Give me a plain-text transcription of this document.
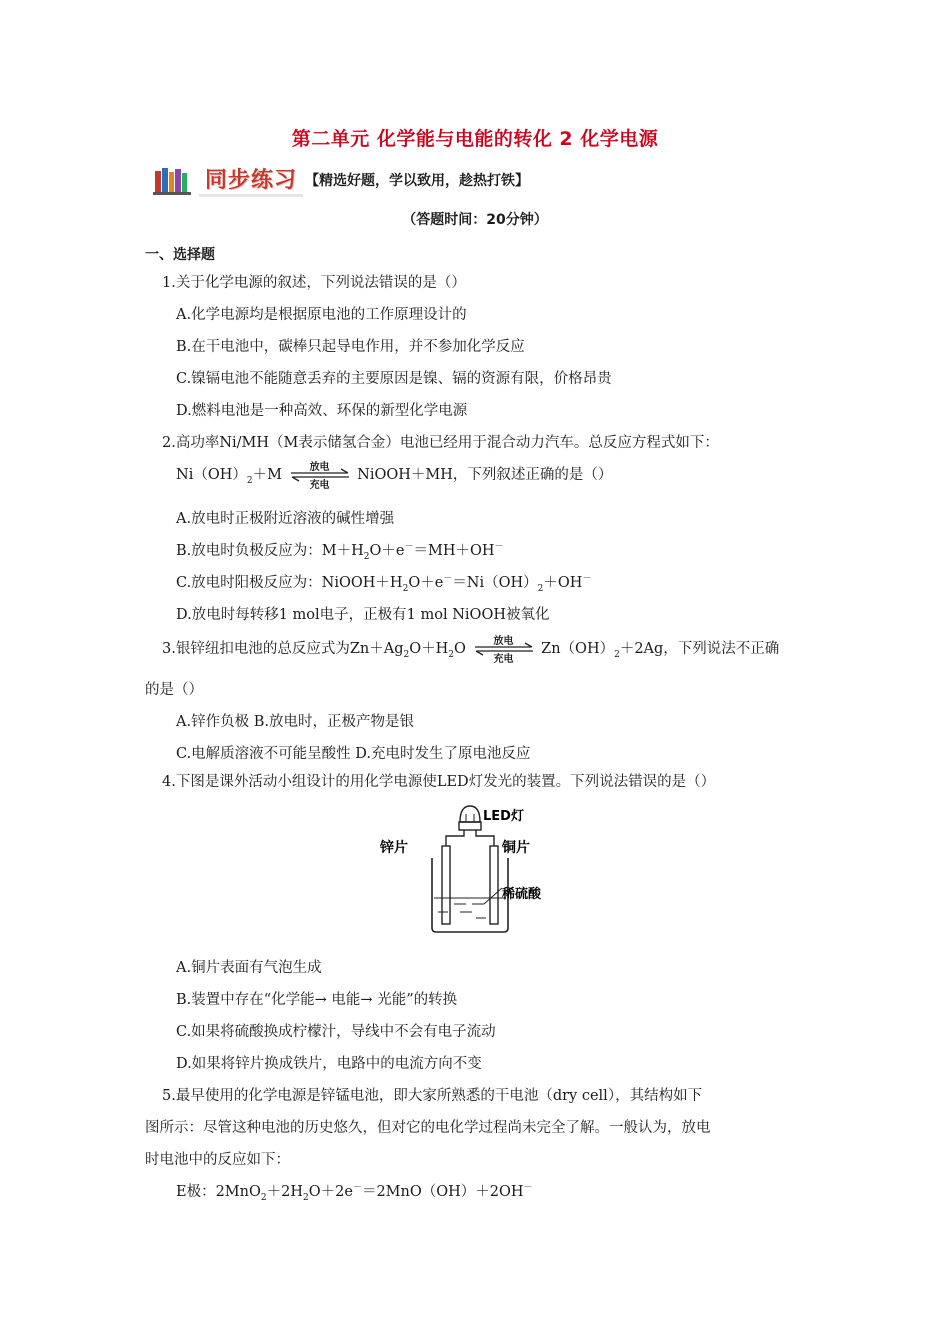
第二单元 化学能与电能的转化 2 化学电源
同步练习 【精选好题，学以致用，趁热打铁】
（答题时间：20分钟）
一、选择题
1.关于化学电源的叙述，下列说法错误的是（）
A.化学电源均是根据原电池的工作原理设计的
B.在干电池中，碳棒只起导电作用，并不参加化学反应
C.镍镉电池不能随意丢弃的主要原因是镍、镉的资源有限，价格昂贵
D.燃料电池是一种高效、环保的新型化学电源
2.高功率Ni/MH（M表示储氢合金）电池已经用于混合动力汽车。总反应方程式如下：
$Ni(OH)_2+M$	放电
充电
NiOOH＋MH，下列叙述正确的是（）
A.放电时正极附近溶液的碱性增强
B.放电时负极反应为：$M+H_2O+e^-=MH+OH^-$
C.放电时阳极反应为：$NiOOH+H_2O+e^-=Ni(OH)_2+OH^-$
D.放电时每转移1 mol电子，正极有1 mol NiOOH被氧化
3.银锌纽扣电池的总反应式为$Zn+Ag_2O+H_2O$	放电
充电
$Zn(OH)_2+2Ag$，下列说法不正确
的是（）
A.锌作负极 B.放电时，正极产物是银
C.电解质溶液不可能呈酸性 D.充电时发生了原电池反应
4.下图是课外活动小组设计的用化学电源使LED灯发光的装置。下列说法错误的是（）
LED灯
锌片	铜片
稀硫酸
A.铜片表面有气泡生成
B.装置中存在“化学能→ 电能→ 光能”的转换
C.如果将硫酸换成柠檬汁，导线中不会有电子流动
D.如果将锌片换成铁片，电路中的电流方向不变
5.最早使用的化学电源是锌锰电池，即大家所熟悉的干电池（dry cell），其结构如下
图所示：尽管这种电池的历史悠久，但对它的电化学过程尚未完全了解。一般认为，放电
时电池中的反应如下：
E极：$2MnO_2+2H_2O+2e^-=2MnO(OH)+2OH^-$
